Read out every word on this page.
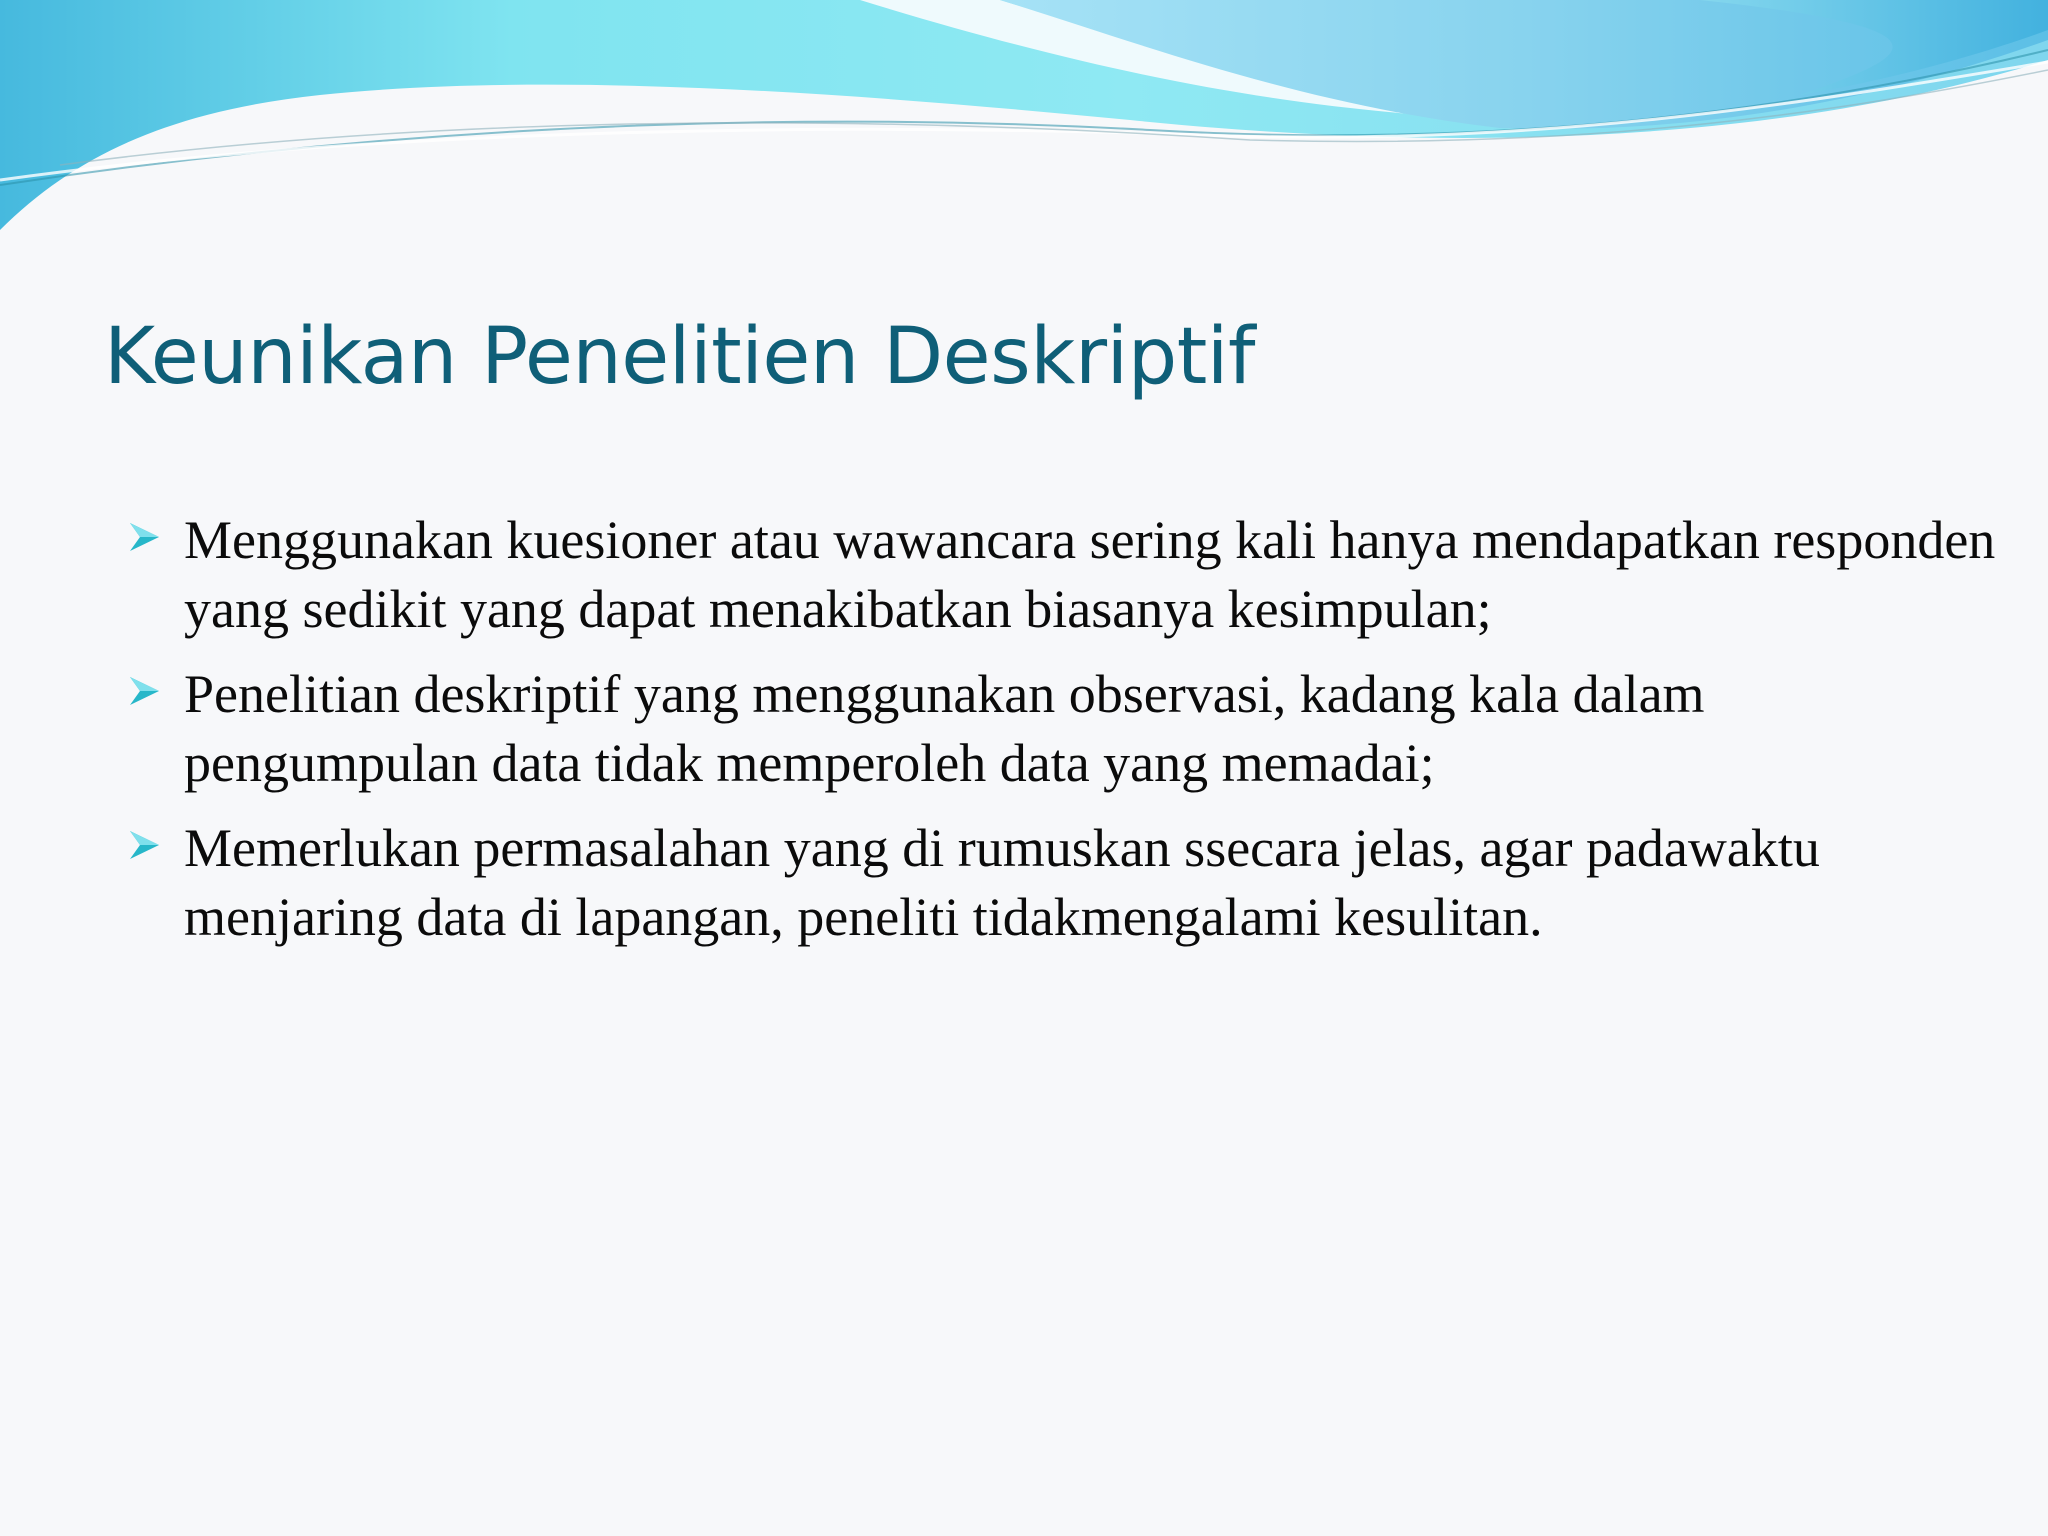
Keunikan Penelitien Deskriptif
Menggunakan kuesioner atau wawancara sering kali hanya mendapatkan responden yang sedikit yang dapat menakibatkan biasanya kesimpulan;
Penelitian deskriptif yang menggunakan observasi, kadang kala dalam pengumpulan data tidak memperoleh data yang memadai;
Memerlukan permasalahan yang di rumuskan ssecara jelas, agar padawaktu menjaring data di lapangan, peneliti tidakmengalami kesulitan.
